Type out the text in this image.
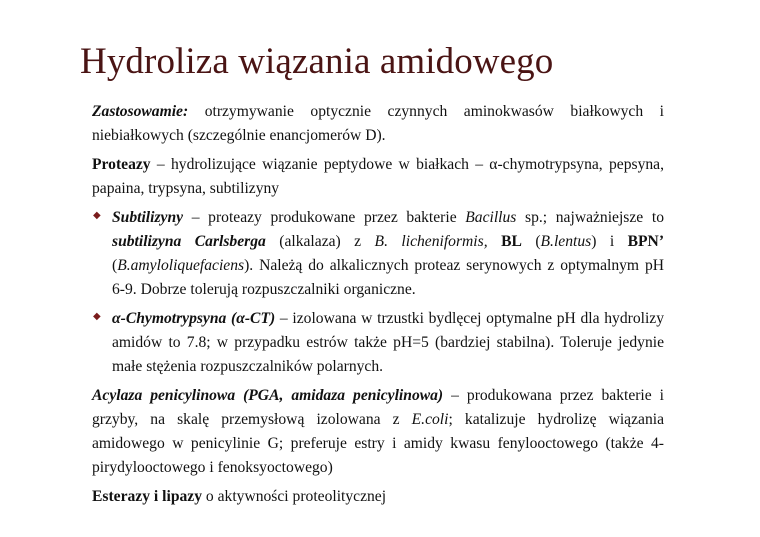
Hydroliza wiązania amidowego

Zastosowamie: otrzymywanie optycznie czynnych aminokwasów białkowych i niebiałkowych (szczególnie enancjomerów D).

Proteazy – hydrolizujące wiązanie peptydowe w białkach – α-chymotrypsyna, pepsyna, papaina, trypsyna, subtilizyny

◆ Subtilizyny – proteazy produkowane przez bakterie Bacillus sp.; najważniejsze to subtilizyna Carlsberga (alkalaza) z B. licheniformis, BL (B.lentus) i BPN’ (B.amyloliquefaciens). Należą do alkalicznych proteaz serynowych z optymalnym pH 6-9. Dobrze tolerują rozpuszczalniki organiczne.

◆ α-Chymotrypsyna (α-CT) – izolowana w trzustki bydlęcej optymalne pH dla hydrolizy amidów to 7.8; w przypadku estrów także pH=5 (bardziej stabilna). Toleruje jedynie małe stężenia rozpuszczalników polarnych.

Acylaza penicylinowa (PGA, amidaza penicylinowa) – produkowana przez bakterie i grzyby, na skalę przemysłową izolowana z E.coli; katalizuje hydrolizę wiązania amidowego w penicylinie G; preferuje estry i amidy kwasu fenylooctowego (także 4-pirydylooctowego i fenoksyoctowego)

Esterazy i lipazy o aktywności proteolitycznej
